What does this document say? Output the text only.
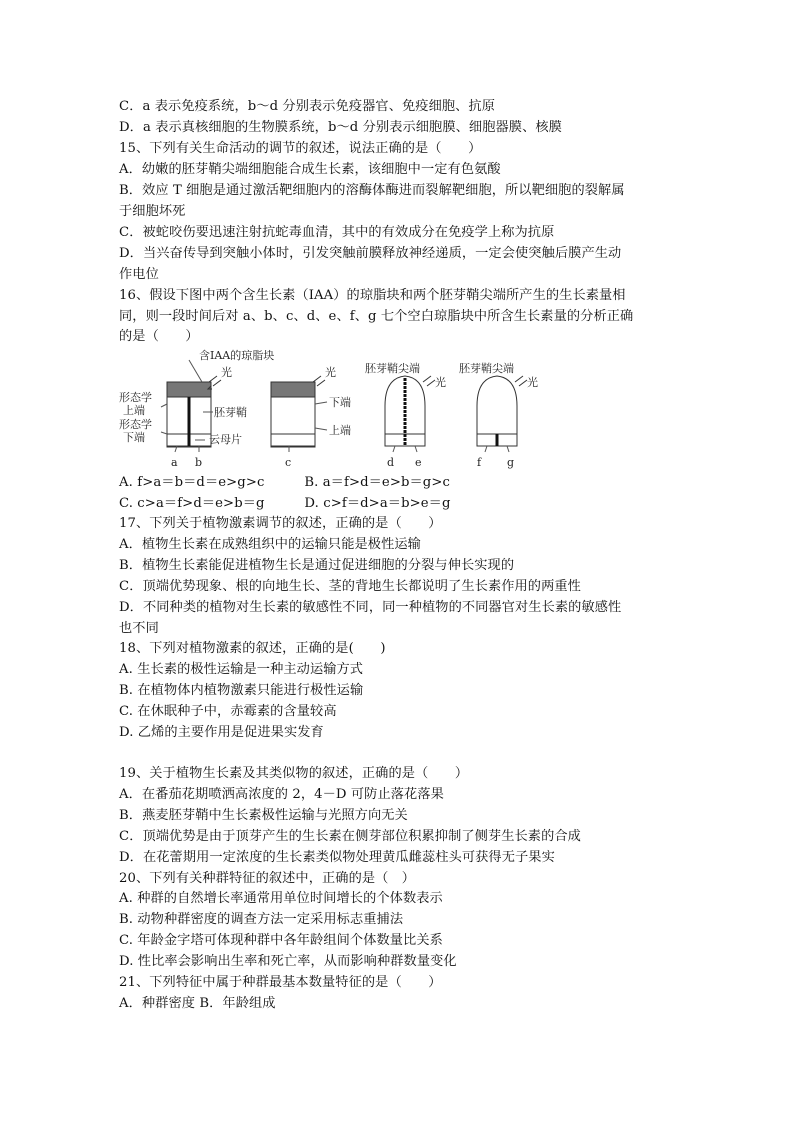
C．a 表示免疫系统，b～d 分别表示免疫器官、免疫细胞、抗原
D．a 表示真核细胞的生物膜系统，b～d 分别表示细胞膜、细胞器膜、核膜
15、下列有关生命活动的调节的叙述，说法正确的是（　　）
A．幼嫩的胚芽鞘尖端细胞能合成生长素，该细胞中一定有色氨酸
B．效应 T 细胞是通过激活靶细胞内的溶酶体酶进而裂解靶细胞，所以靶细胞的裂解属
于细胞坏死
C．被蛇咬伤要迅速注射抗蛇毒血清，其中的有效成分在免疫学上称为抗原
D．当兴奋传导到突触小体时，引发突触前膜释放神经递质，一定会使突触后膜产生动
作电位
16、假设下图中两个含生长素（IAA）的琼脂块和两个胚芽鞘尖端所产生的生长素量相
同，则一段时间后对 a、b、c、d、e、f、g 七个空白琼脂块中所含生长素量的分析正确
的是（　　）
含IAA的琼脂块
光
形态学
上端
形态学
下端
胚芽鞘
云母片
a b
光
下端
上端
c
胚芽鞘尖端
光
d e
胚芽鞘尖端
光
f g
A. f>a＝b＝d＝e>g>c　　　B. a＝f>d＝e>b＝g>c
C. c>a＝f>d＝e>b＝g　　　D. c>f＝d>a＝b>e＝g
17、下列关于植物激素调节的叙述，正确的是（　　）
A．植物生长素在成熟组织中的运输只能是极性运输
B．植物生长素能促进植物生长是通过促进细胞的分裂与伸长实现的
C．顶端优势现象、根的向地生长、茎的背地生长都说明了生长素作用的两重性
D．不同种类的植物对生长素的敏感性不同，同一种植物的不同器官对生长素的敏感性
也不同
18、下列对植物激素的叙述，正确的是(　　)
A. 生长素的极性运输是一种主动运输方式
B. 在植物体内植物激素只能进行极性运输
C. 在休眠种子中，赤霉素的含量较高
D. 乙烯的主要作用是促进果实发育
19、关于植物生长素及其类似物的叙述，正确的是（　　）
A．在番茄花期喷洒高浓度的 2，4－D 可防止落花落果
B．燕麦胚芽鞘中生长素极性运输与光照方向无关
C．顶端优势是由于顶芽产生的生长素在侧芽部位积累抑制了侧芽生长素的合成
D．在花蕾期用一定浓度的生长素类似物处理黄瓜雌蕊柱头可获得无子果实
20、下列有关种群特征的叙述中，正确的是（　）
A. 种群的自然增长率通常用单位时间增长的个体数表示
B. 动物种群密度的调查方法一定采用标志重捕法
C. 年龄金字塔可体现种群中各年龄组间个体数量比关系
D. 性比率会影响出生率和死亡率，从而影响种群数量变化
21、下列特征中属于种群最基本数量特征的是（　　）
A．种群密度 B．年龄组成
